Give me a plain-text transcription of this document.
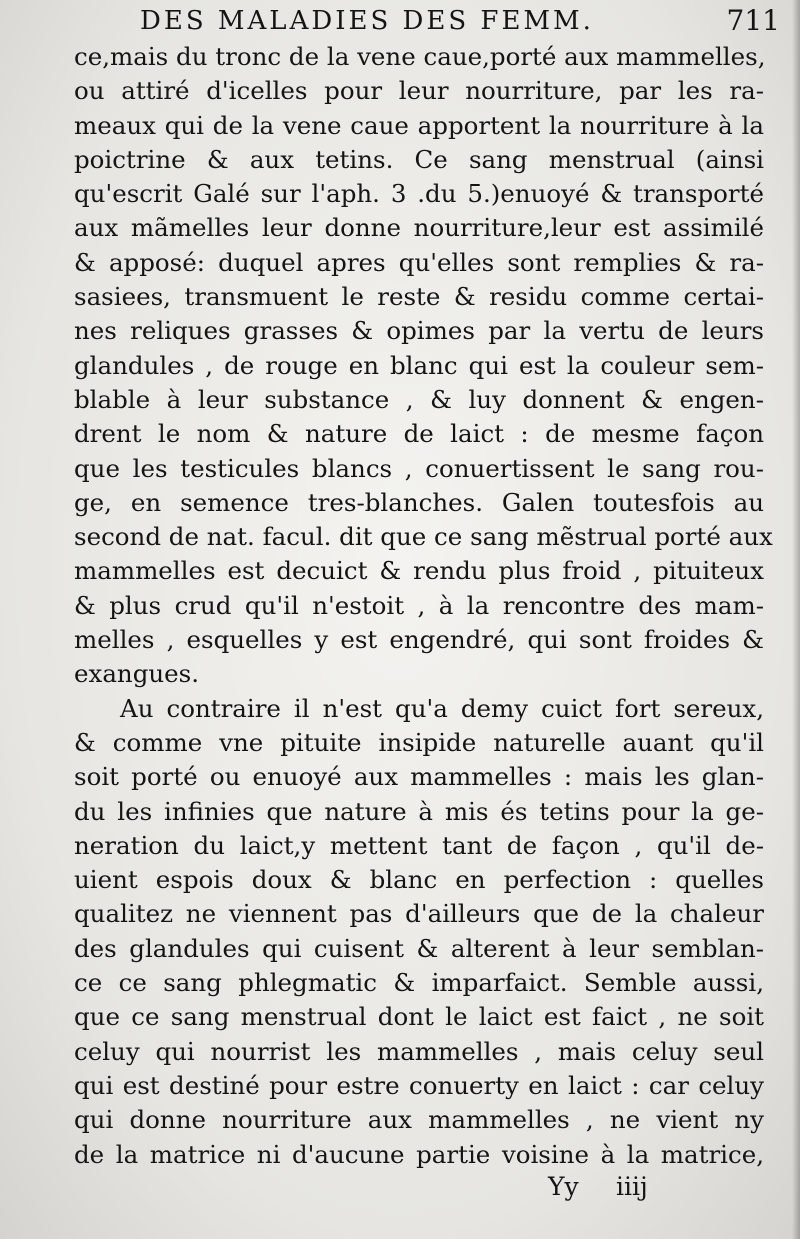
DES MALADIES DES FEMM.	711
ce,mais du tronc de la vene caue,porté aux mammelles,
ou attiré d'icelles pour leur nourriture, par les ra-
meaux qui de la vene caue apportent la nourriture à la
poictrine & aux tetins. Ce sang menstrual (ainsi
qu'escrit Galé sur l'aph. 3 .du 5.)enuoyé & transporté
aux mãmelles leur donne nourriture,leur est assimilé
& apposé: duquel apres qu'elles sont remplies & ra-
sasiees, transmuent le reste & residu comme certai-
nes reliques grasses & opimes par la vertu de leurs
glandules , de rouge en blanc qui est la couleur sem-
blable à leur substance , & luy donnent & engen-
drent le nom & nature de laict : de mesme façon
que les testicules blancs , conuertissent le sang rou-
ge, en semence tres-blanches. Galen toutesfois au
second de nat. facul. dit que ce sang mẽstrual porté aux
mammelles est decuict & rendu plus froid , pituiteux
& plus crud qu'il n'estoit , à la rencontre des mam-
melles , esquelles y est engendré, qui sont froides &
exangues.
Au contraire il n'est qu'a demy cuict fort sereux,
& comme vne pituite insipide naturelle auant qu'il
soit porté ou enuoyé aux mammelles : mais les glan-
du les infinies que nature à mis és tetins pour la ge-
neration du laict,y mettent tant de façon , qu'il de-
uient espois doux & blanc en perfection : quelles
qualitez ne viennent pas d'ailleurs que de la chaleur
des glandules qui cuisent & alterent à leur semblan-
ce ce sang phlegmatic & imparfaict. Semble aussi,
que ce sang menstrual dont le laict est faict , ne soit
celuy qui nourrist les mammelles , mais celuy seul
qui est destiné pour estre conuerty en laict : car celuy
qui donne nourriture aux mammelles , ne vient ny
de la matrice ni d'aucune partie voisine à la matrice,
Yy iiij
